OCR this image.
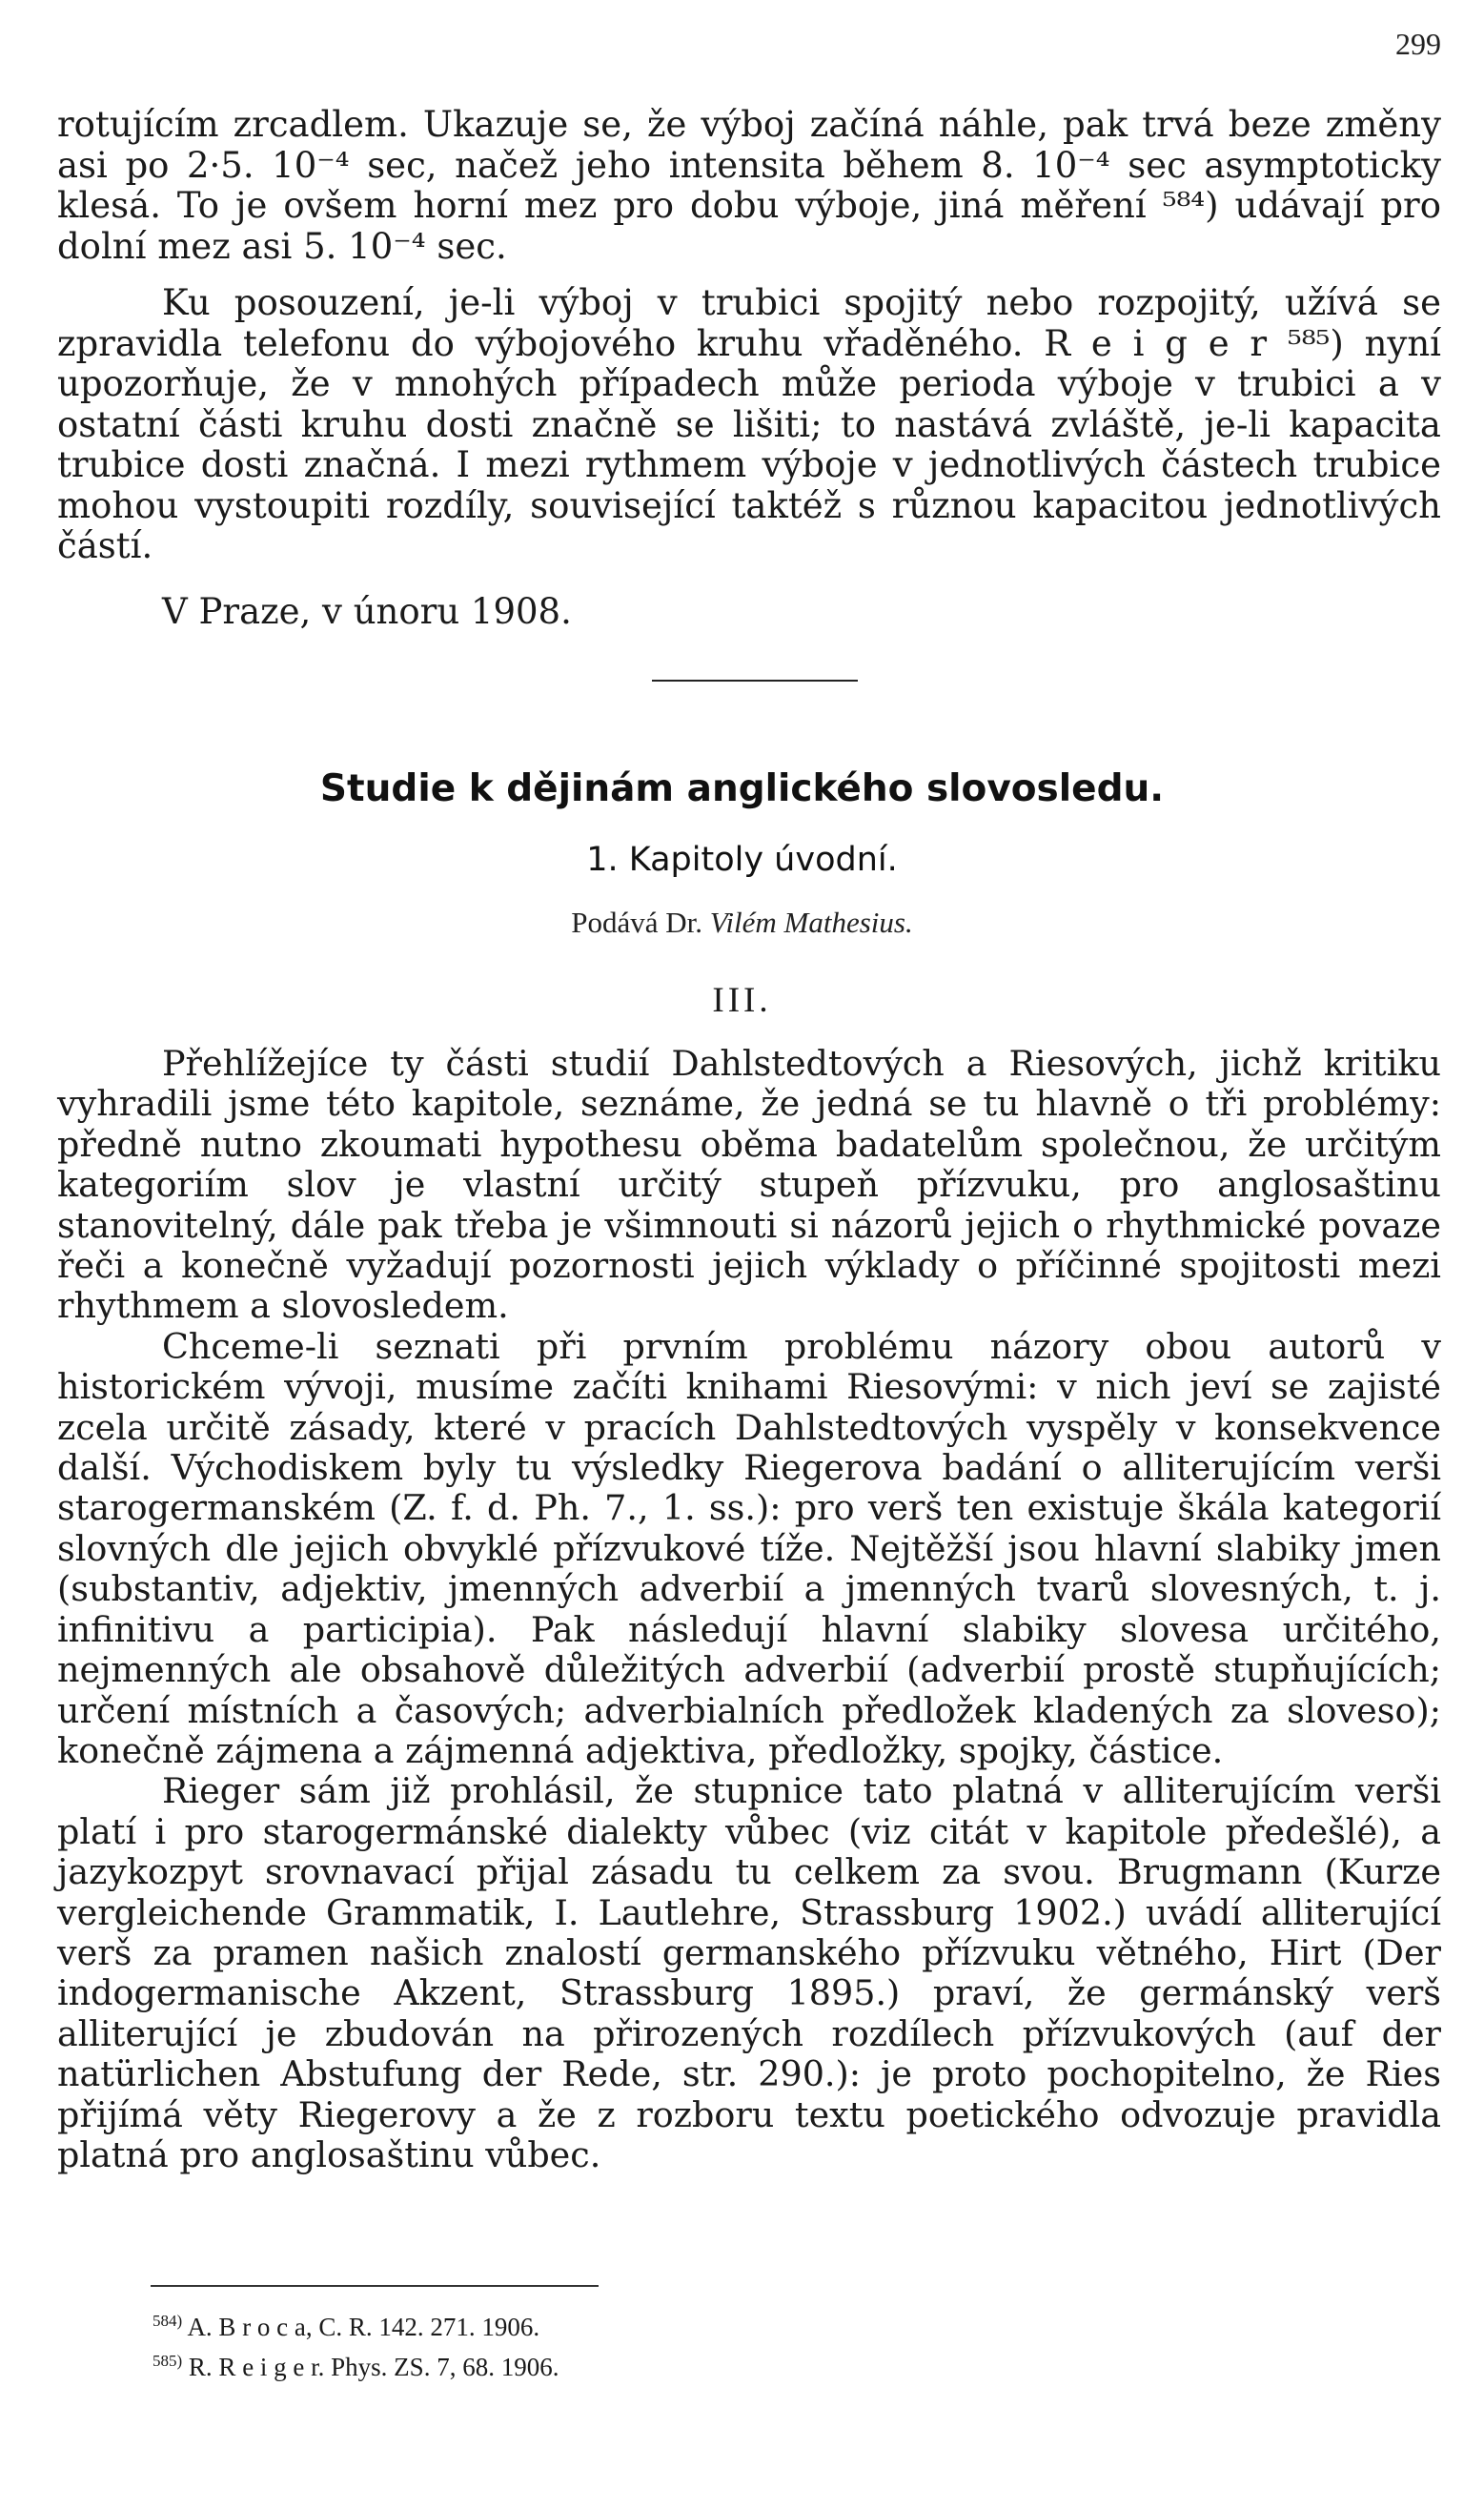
299

rotujícím zrcadlem. Ukazuje se, že výboj začíná náhle, pak trvá beze změny asi po 2·5. 10⁻⁴ sec, načež jeho intensita během 8. 10⁻⁴ sec asymptoticky klesá. To je ovšem horní mez pro dobu výboje, jiná měření ⁵⁸⁴) udávají pro dolní mez asi 5. 10⁻⁴ sec.

Ku posouzení, je-li výboj v trubici spojitý nebo rozpojitý, užívá se zpravidla telefonu do výbojového kruhu vřaděného. R e i g e r ⁵⁸⁵) nyní upozorňuje, že v mnohých případech může perioda výboje v trubici a v ostatní části kruhu dosti značně se lišiti; to nastává zvláště, je-li kapacita trubice dosti značná. I mezi rythmem výboje v jednotlivých částech trubice mohou vystoupiti rozdíly, související taktéž s různou kapacitou jednotlivých částí.

V Praze, v únoru 1908.
Studie k dějinám anglického slovosledu.
1. Kapitoly úvodní.
Podává Dr. Vilém Mathesius.
III.

Přehlížejíce ty části studií Dahlstedtových a Riesových, jichž kritiku vyhradili jsme této kapitole, seznáme, že jedná se tu hlavně o tři problémy: předně nutno zkoumati hypothesu oběma badatelům společnou, že určitým kategoriím slov je vlastní určitý stupeň přízvuku, pro anglosaštinu stanovitelný, dále pak třeba je všimnouti si názorů jejich o rhythmické povaze řeči a konečně vyžadují pozornosti jejich výklady o příčinné spojitosti mezi rhythmem a slovosledem.

Chceme-li seznati při prvním problému názory obou autorů v historickém vývoji, musíme začíti knihami Riesovými: v nich jeví se zajisté zcela určitě zásady, které v pracích Dahlstedtových vyspěly v konsekvence další. Východiskem byly tu výsledky Riegerova badání o alliterujícím verši starogermanském (Z. f. d. Ph. 7., 1. ss.): pro verš ten existuje škála kategorií slovných dle jejich obvyklé přízvukové tíže. Nejtěžší jsou hlavní slabiky jmen (substantiv, adjektiv, jmenných adverbií a jmenných tvarů slovesných, t. j. infinitivu a participia). Pak následují hlavní slabiky slovesa určitého, nejmenných ale obsahově důležitých adverbií (adverbií prostě stupňujících; určení místních a časových; adverbialních předložek kladených za sloveso); konečně zájmena a zájmenná adjektiva, předložky, spojky, částice.

Rieger sám již prohlásil, že stupnice tato platná v alliterujícím verši platí i pro starogermánské dialekty vůbec (viz citát v kapitole předešlé), a jazykozpyt srovnavací přijal zásadu tu celkem za svou. Brugmann (Kurze vergleichende Grammatik, I. Lautlehre, Strassburg 1902.) uvádí alliterující verš za pramen našich znalostí germanského přízvuku větného, Hirt (Der indogermanische Akzent, Strassburg 1895.) praví, že germánský verš alliterující je zbudován na přirozených rozdílech přízvukových (auf der natürlichen Abstufung der Rede, str. 290.): je proto pochopitelno, že Ries přijímá věty Riegerovy a že z rozboru textu poetického odvozuje pravidla platná pro anglosaštinu vůbec.

$^{584)}$ A. B r o c a, C. R. 142. 271. 1906.
$^{585)}$ R. R e i g e r. Phys. ZS. 7, 68. 1906.
